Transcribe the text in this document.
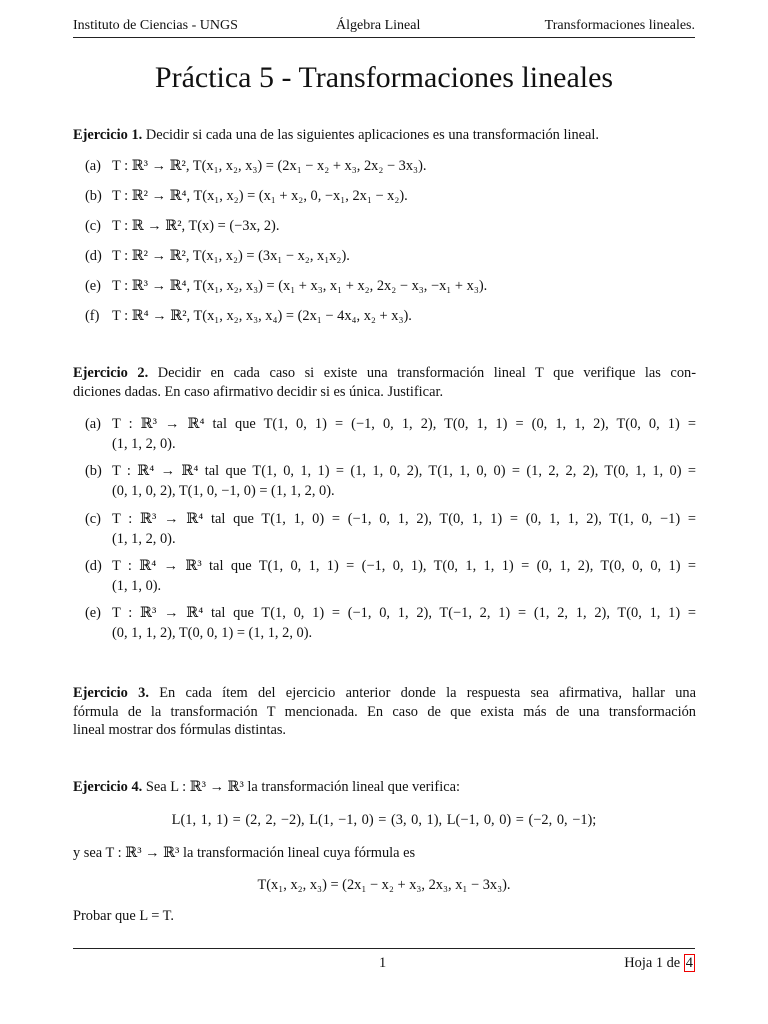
Instituto de Ciencias - UNGS	Álgebra Lineal	Transformaciones lineales.
Práctica 5 - Transformaciones lineales
Ejercicio 1. Decidir si cada una de las siguientes aplicaciones es una transformación lineal.
(a) T : ℝ³ → ℝ², T(x₁, x₂, x₃) = (2x₁ − x₂ + x₃, 2x₂ − 3x₃).
(b) T : ℝ² → ℝ⁴, T(x₁, x₂) = (x₁ + x₂, 0, −x₁, 2x₁ − x₂).
(c) T : ℝ → ℝ², T(x) = (−3x, 2).
(d) T : ℝ² → ℝ², T(x₁, x₂) = (3x₁ − x₂, x₁x₂).
(e) T : ℝ³ → ℝ⁴, T(x₁, x₂, x₃) = (x₁ + x₃, x₁ + x₂, 2x₂ − x₃, −x₁ + x₃).
(f) T : ℝ⁴ → ℝ², T(x₁, x₂, x₃, x₄) = (2x₁ − 4x₄, x₂ + x₃).
Ejercicio 2. Decidir en cada caso si existe una transformación lineal T que verifique las con-
diciones dadas. En caso afirmativo decidir si es única. Justificar.
(a) T : ℝ³ → ℝ⁴ tal que T(1, 0, 1) = (−1, 0, 1, 2), T(0, 1, 1) = (0, 1, 1, 2), T(0, 0, 1) =
(1, 1, 2, 0).
(b) T : ℝ⁴ → ℝ⁴ tal que T(1, 0, 1, 1) = (1, 1, 0, 2), T(1, 1, 0, 0) = (1, 2, 2, 2), T(0, 1, 1, 0) =
(0, 1, 0, 2), T(1, 0, −1, 0) = (1, 1, 2, 0).
(c) T : ℝ³ → ℝ⁴ tal que T(1, 1, 0) = (−1, 0, 1, 2), T(0, 1, 1) = (0, 1, 1, 2), T(1, 0, −1) =
(1, 1, 2, 0).
(d) T : ℝ⁴ → ℝ³ tal que T(1, 0, 1, 1) = (−1, 0, 1), T(0, 1, 1, 1) = (0, 1, 2), T(0, 0, 0, 1) =
(1, 1, 0).
(e) T : ℝ³ → ℝ⁴ tal que T(1, 0, 1) = (−1, 0, 1, 2), T(−1, 2, 1) = (1, 2, 1, 2), T(0, 1, 1) =
(0, 1, 1, 2), T(0, 0, 1) = (1, 1, 2, 0).
Ejercicio 3. En cada ítem del ejercicio anterior donde la respuesta sea afirmativa, hallar una
fórmula de la transformación T mencionada. En caso de que exista más de una transformación
lineal mostrar dos fórmulas distintas.
Ejercicio 4. Sea L : ℝ³ → ℝ³ la transformación lineal que verifica:
L(1, 1, 1) = (2, 2, −2), L(1, −1, 0) = (3, 0, 1), L(−1, 0, 0) = (−2, 0, −1);
y sea T : ℝ³ → ℝ³ la transformación lineal cuya fórmula es
T(x₁, x₂, x₃) = (2x₁ − x₂ + x₃, 2x₃, x₁ − 3x₃).
Probar que L = T.
1	Hoja 1 de 4
